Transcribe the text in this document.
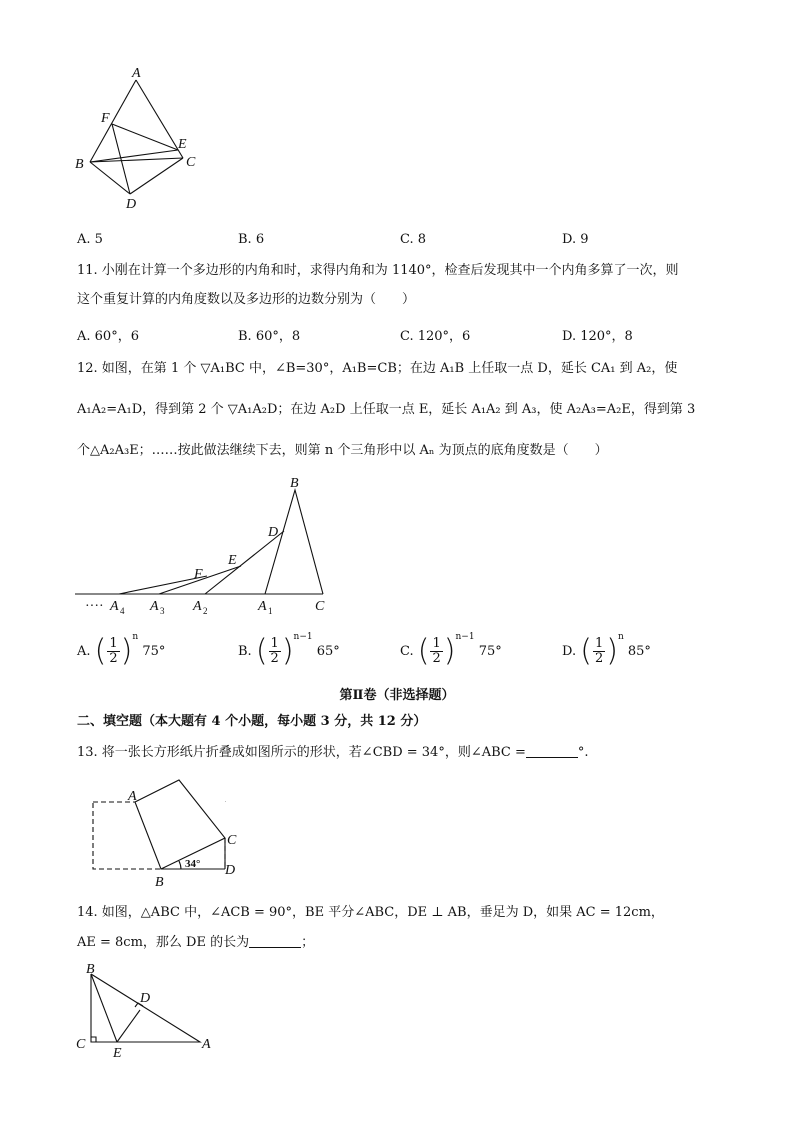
A
F
E
B	C
D
A. 5	B. 6	C. 8	D. 9
11. 小刚在计算一个多边形的内角和时，求得内角和为 1140°，检查后发现其中一个内角多算了一次，则
这个重复计算的内角度数以及多边形的边数分别为（　　）
A. 60°，6	B. 60°，8	C. 120°，6	D. 120°，8
12. 如图，在第 1 个 ▽A₁BC 中，∠B=30°，A₁B=CB；在边 A₁B 上任取一点 D，延长 CA₁ 到 A₂，使
A₁A₂=A₁D，得到第 2 个 ▽A₁A₂D；在边 A₂D 上任取一点 E，延长 A₁A₂ 到 A₃，使 A₂A₃=A₂E，得到第 3
个△A₂A₃E；……按此做法继续下去，则第 n 个三角形中以 Aₙ 为顶点的底角度数是（　　）
B
D
E
F
···· A 4 A 3 A 2	A 1	C
A. ( $\frac{1}{2} )^n$ 75°	B. ( $\frac{1}{2} )^{n-1}$ 65°	C. ( $\frac{1}{2} )^{n-1}$ 75°	D. ( $\frac{1}{2} )^n$ 85°
第Ⅱ卷（非选择题）
二、填空题（本大题有 4 个小题，每小题 3 分，共 12 分）
13. 将一张长方形纸片折叠成如图所示的形状，若∠CBD = 34°，则∠ABC =	°.
A
C
B
D
34°
14. 如图，△ABC 中，∠ACB = 90°，BE 平分∠ABC，DE ⊥ AB，垂足为 D，如果 AC = 12cm，
AE = 8cm，那么 DE 的长为	；
B
D
C
E
A
